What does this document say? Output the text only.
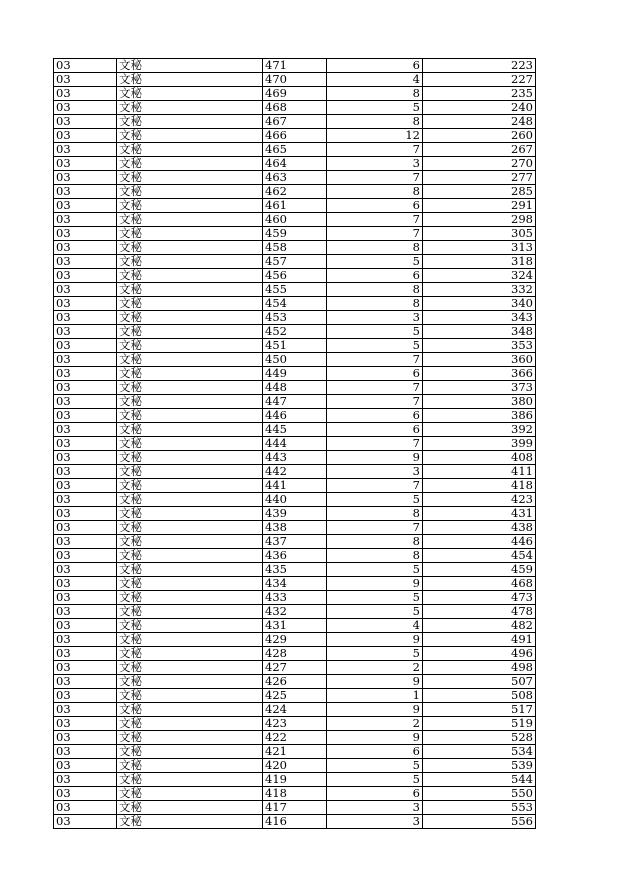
03	文秘	471	6	223
03	文秘	470	4	227
03	文秘	469	8	235
03	文秘	468	5	240
03	文秘	467	8	248
03	文秘	466	12	260
03	文秘	465	7	267
03	文秘	464	3	270
03	文秘	463	7	277
03	文秘	462	8	285
03	文秘	461	6	291
03	文秘	460	7	298
03	文秘	459	7	305
03	文秘	458	8	313
03	文秘	457	5	318
03	文秘	456	6	324
03	文秘	455	8	332
03	文秘	454	8	340
03	文秘	453	3	343
03	文秘	452	5	348
03	文秘	451	5	353
03	文秘	450	7	360
03	文秘	449	6	366
03	文秘	448	7	373
03	文秘	447	7	380
03	文秘	446	6	386
03	文秘	445	6	392
03	文秘	444	7	399
03	文秘	443	9	408
03	文秘	442	3	411
03	文秘	441	7	418
03	文秘	440	5	423
03	文秘	439	8	431
03	文秘	438	7	438
03	文秘	437	8	446
03	文秘	436	8	454
03	文秘	435	5	459
03	文秘	434	9	468
03	文秘	433	5	473
03	文秘	432	5	478
03	文秘	431	4	482
03	文秘	429	9	491
03	文秘	428	5	496
03	文秘	427	2	498
03	文秘	426	9	507
03	文秘	425	1	508
03	文秘	424	9	517
03	文秘	423	2	519
03	文秘	422	9	528
03	文秘	421	6	534
03	文秘	420	5	539
03	文秘	419	5	544
03	文秘	418	6	550
03	文秘	417	3	553
03	文秘	416	3	556
